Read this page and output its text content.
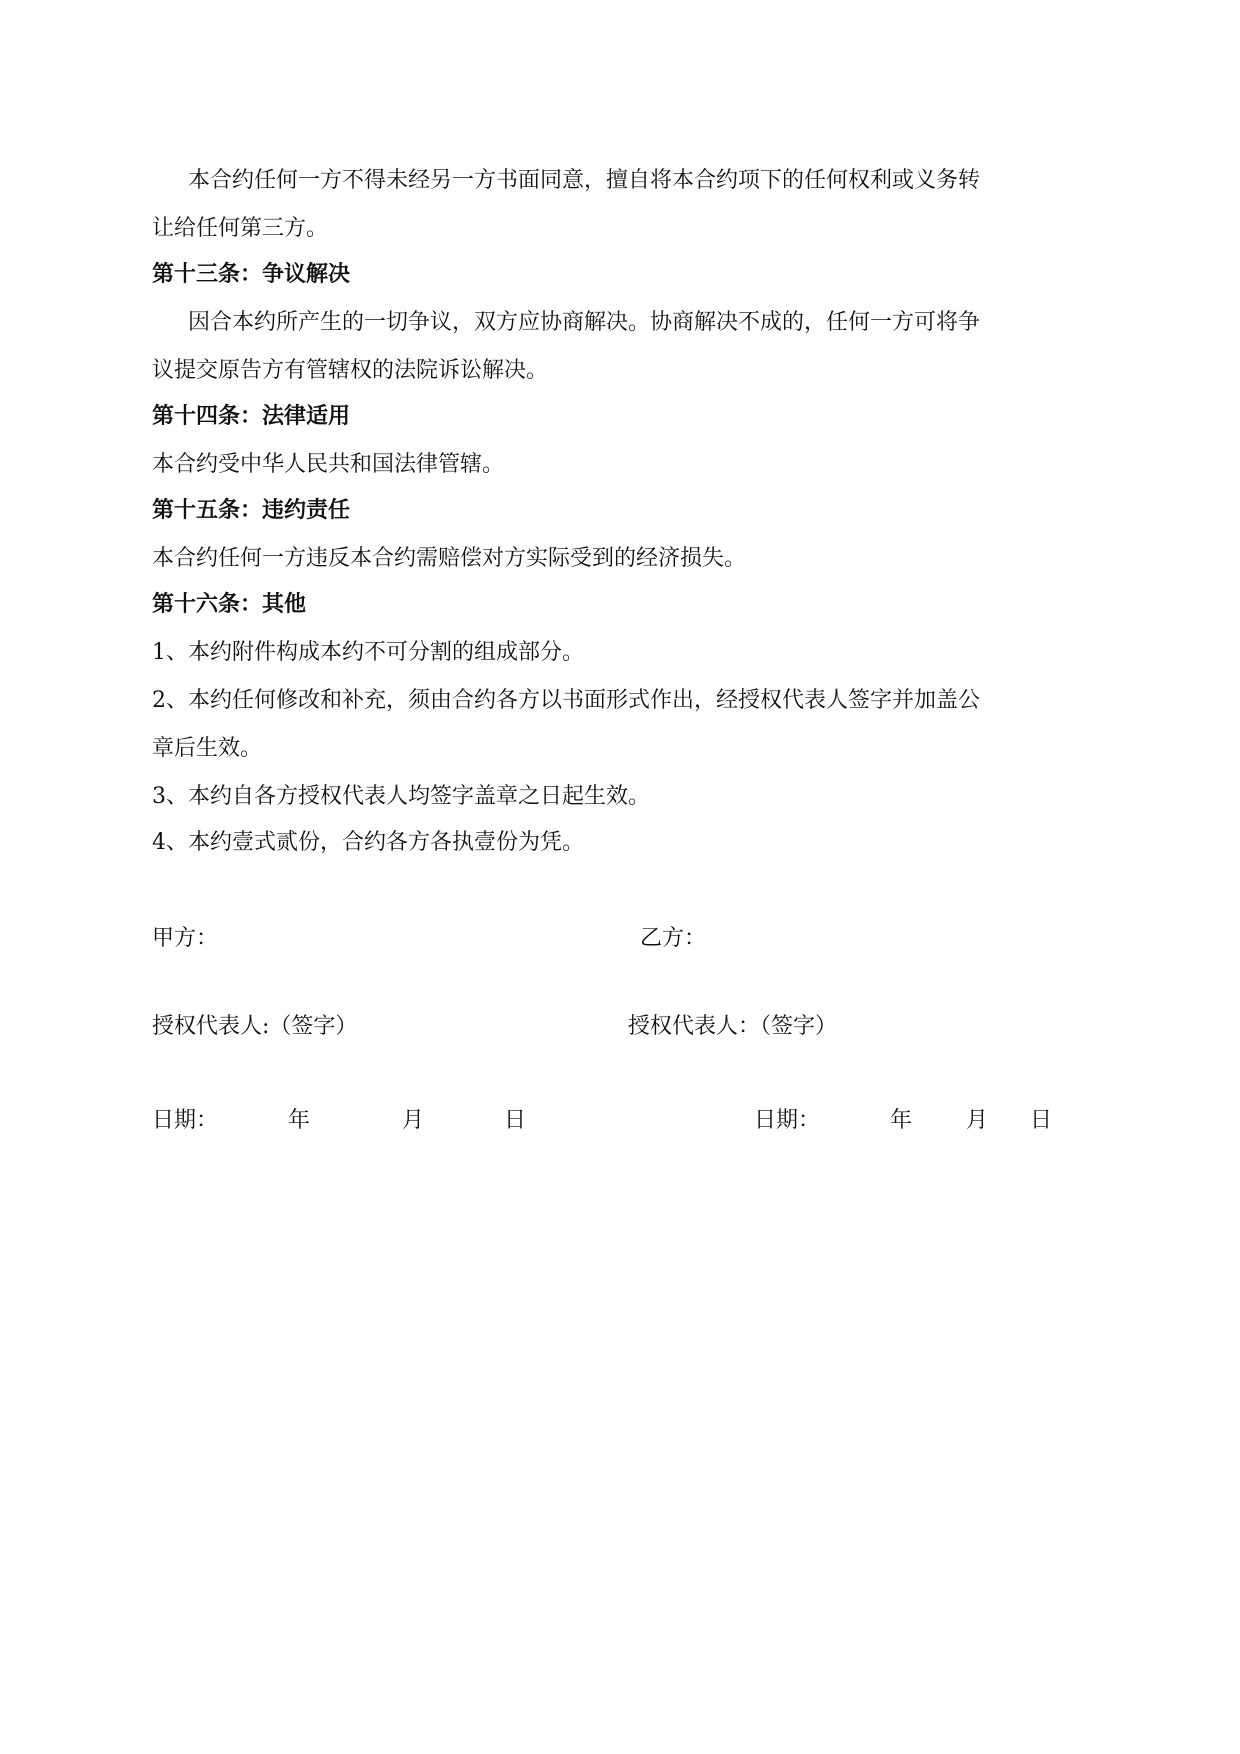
本合约任何一方不得未经另一方书面同意，擅自将本合约项下的任何权利或义务转
让给任何第三方。
第十三条：争议解决
因合本约所产生的一切争议，双方应协商解决。协商解决不成的，任何一方可将争
议提交原告方有管辖权的法院诉讼解决。
第十四条：法律适用
本合约受中华人民共和国法律管辖。
第十五条：违约责任
本合约任何一方违反本合约需赔偿对方实际受到的经济损失。
第十六条：其他
1、本约附件构成本约不可分割的组成部分。
2、本约任何修改和补充，须由合约各方以书面形式作出，经授权代表人签字并加盖公
章后生效。
3、本约自各方授权代表人均签字盖章之日起生效。
4、本约壹式贰份，合约各方各执壹份为凭。
甲方：	乙方：
授权代表人:（签字）	授权代表人：（签字）
日期：	年	月	日	日期：	年 月 日
